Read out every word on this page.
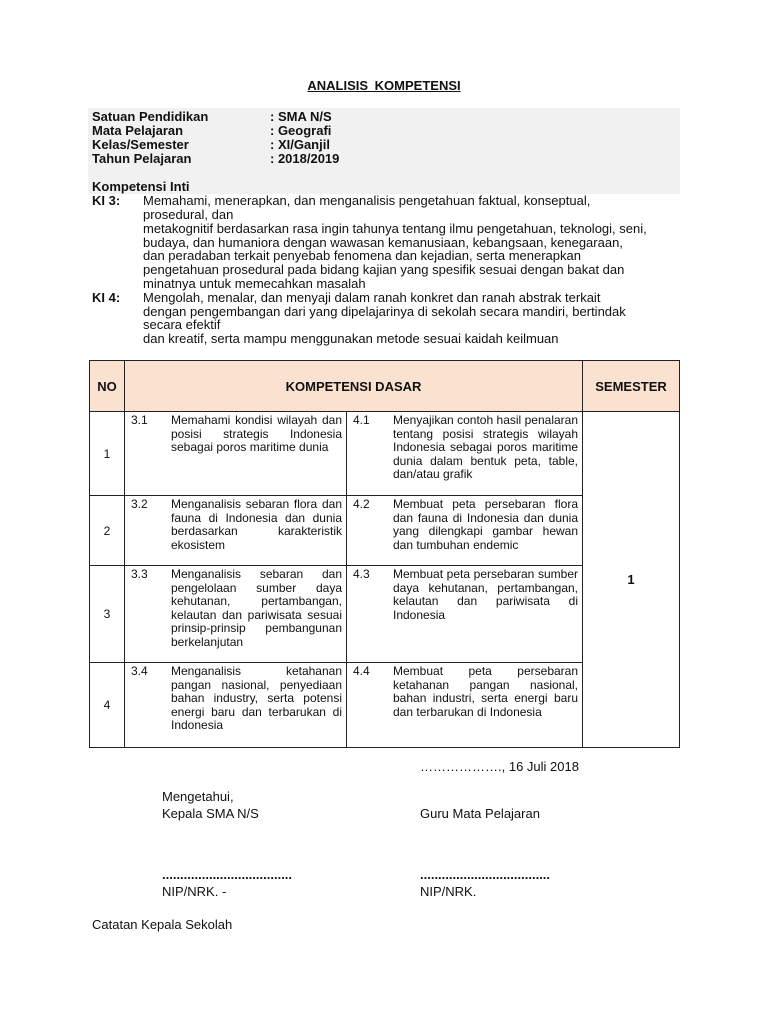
ANALISIS KOMPETENSI
Satuan Pendidikan	: SMA N/S
Mata Pelajaran	: Geografi
Kelas/Semester	: XI/Ganjil
Tahun Pelajaran	: 2018/2019
Kompetensi Inti
KI 3: Memahami, menerapkan, dan menganalisis pengetahuan faktual, konseptual,
prosedural, dan
metakognitif berdasarkan rasa ingin tahunya tentang ilmu pengetahuan, teknologi, seni,
budaya, dan humaniora dengan wawasan kemanusiaan, kebangsaan, kenegaraan,
dan peradaban terkait penyebab fenomena dan kejadian, serta menerapkan
pengetahuan prosedural pada bidang kajian yang spesifik sesuai dengan bakat dan
minatnya untuk memecahkan masalah
KI 4: Mengolah, menalar, dan menyaji dalam ranah konkret dan ranah abstrak terkait
dengan pengembangan dari yang dipelajarinya di sekolah secara mandiri, bertindak
secara efektif
dan kreatif, serta mampu menggunakan metode sesuai kaidah keilmuan
NO	KOMPETENSI DASAR		SEMESTER
1	3.1 Memahami kondisi wilayah dan posisi strategis Indonesia sebagai poros maritime dunia	4.1 Menyajikan contoh hasil penalaran tentang posisi strategis wilayah Indonesia sebagai poros maritime dunia dalam bentuk peta, table, dan/atau grafik	1
2	3.2 Menganalisis sebaran flora dan fauna di Indonesia dan dunia berdasarkan karakteristik ekosistem	4.2 Membuat peta persebaran flora dan fauna di Indonesia dan dunia yang dilengkapi gambar hewan dan tumbuhan endemic	

3	3.3 Menganalisis sebaran dan pengelolaan sumber daya kehutanan, pertambangan, kelautan dan pariwisata sesuai prinsip-prinsip pembangunan berkelanjutan	4.3 Membuat peta persebaran sumber daya kehutanan, pertambangan, kelautan dan pariwisata di Indonesia	

4	3.4 Menganalisis ketahanan pangan nasional, penyediaan bahan industry, serta potensi energi baru dan terbarukan di Indonesia	4.4 Membuat peta persebaran ketahanan pangan nasional, bahan industri, serta energi baru dan terbarukan di Indonesia	
………………., 16 Juli 2018
Mengetahui,
Kepala SMA N/S	Guru Mata Pelajaran
....................................	....................................
NIP/NRK. -	NIP/NRK.
Catatan Kepala Sekolah
